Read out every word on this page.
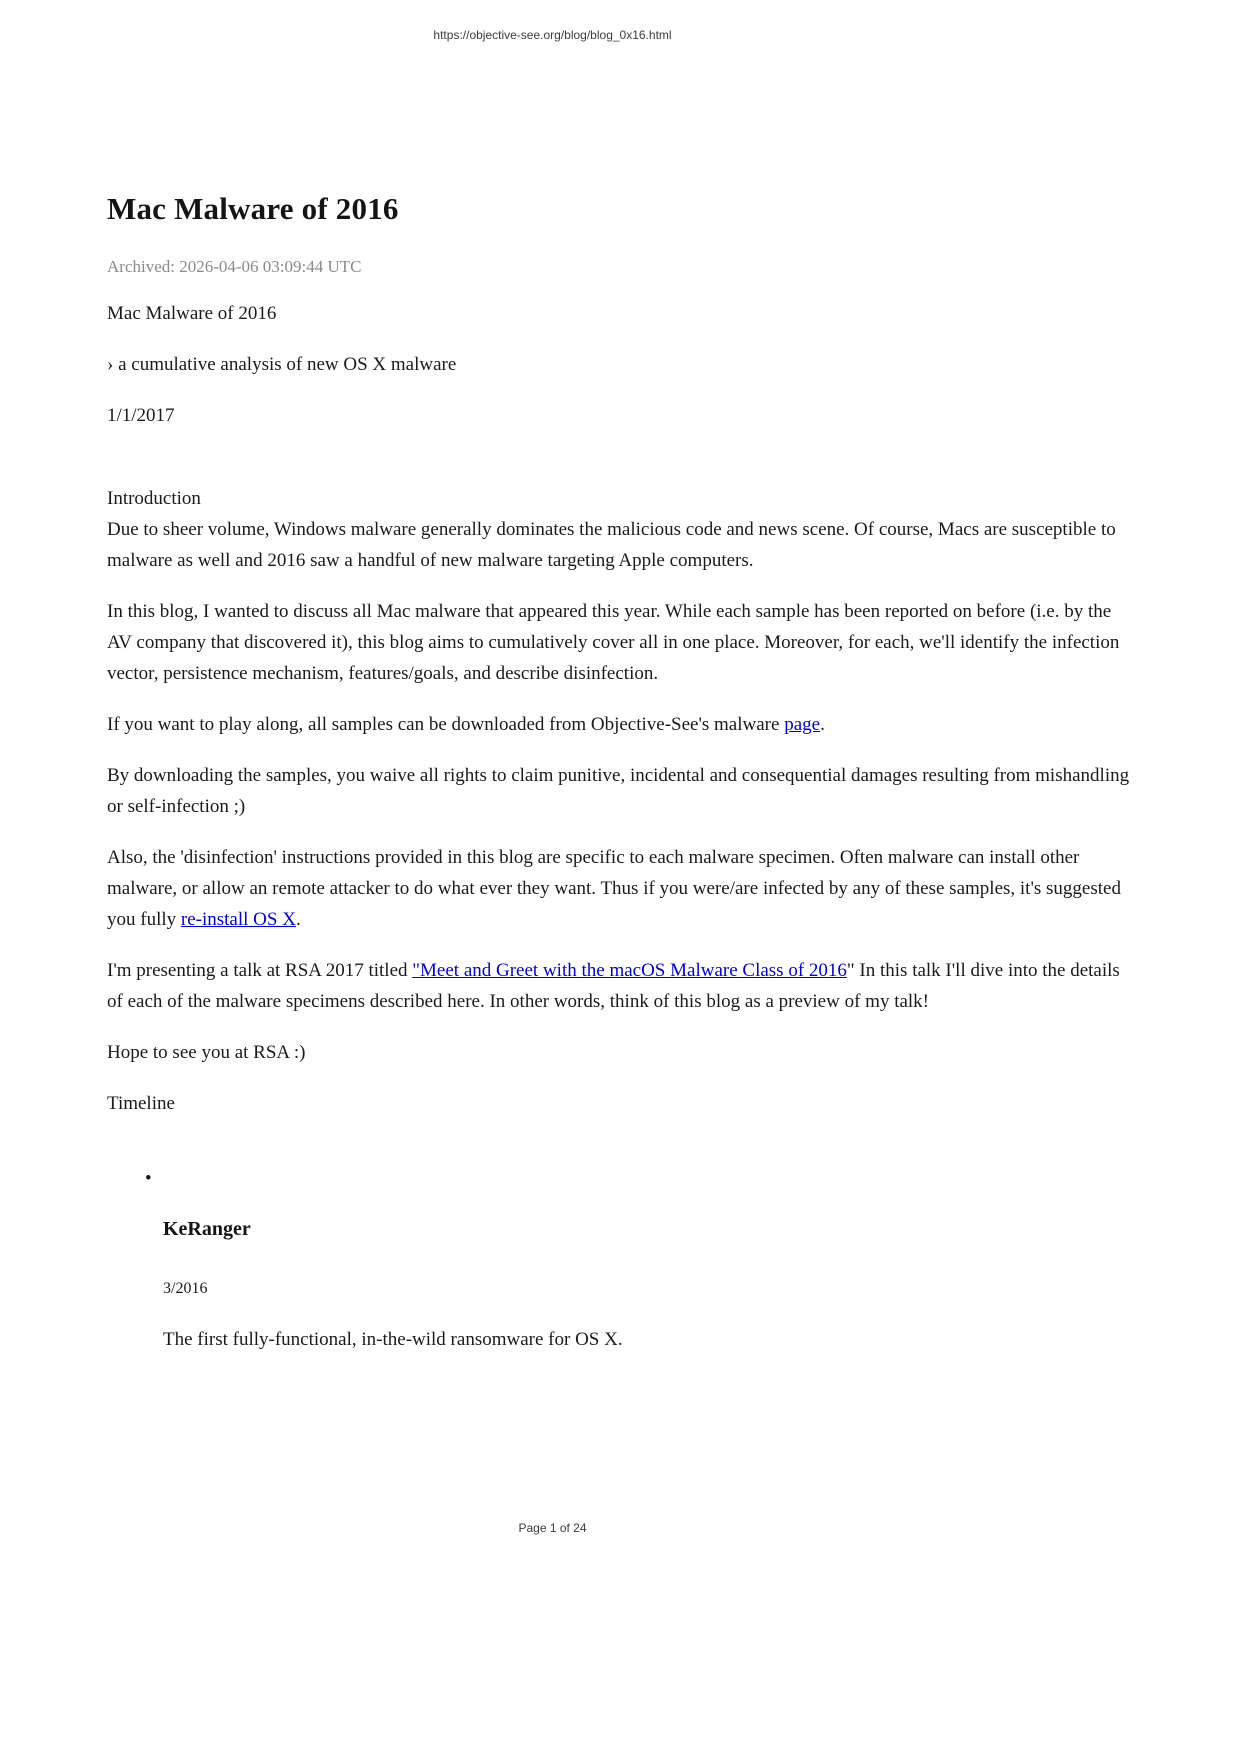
https://objective-see.org/blog/blog_0x16.html
Mac Malware of 2016

Archived: 2026-04-06 03:09:44 UTC

Mac Malware of 2016

› a cumulative analysis of new OS X malware

1/1/2017

Introduction

Due to sheer volume, Windows malware generally dominates the malicious code and news scene. Of course, Macs are susceptible to malware as well and 2016 saw a handful of new malware targeting Apple computers.

In this blog, I wanted to discuss all Mac malware that appeared this year. While each sample has been reported on before (i.e. by the AV company that discovered it), this blog aims to cumulatively cover all in one place. Moreover, for each, we'll identify the infection vector, persistence mechanism, features/goals, and describe disinfection.

If you want to play along, all samples can be downloaded from Objective-See's malware page.

By downloading the samples, you waive all rights to claim punitive, incidental and consequential damages resulting from mishandling or self-infection ;)

Also, the 'disinfection' instructions provided in this blog are specific to each malware specimen. Often malware can install other malware, or allow an remote attacker to do what ever they want. Thus if you were/are infected by any of these samples, it's suggested you fully re-install OS X.

I'm presenting a talk at RSA 2017 titled "Meet and Greet with the macOS Malware Class of 2016" In this talk I'll dive into the details of each of the malware specimens described here. In other words, think of this blog as a preview of my talk!

Hope to see you at RSA :)

Timeline

•

KeRanger

3/2016

The first fully-functional, in-the-wild ransomware for OS X.

Page 1 of 24
